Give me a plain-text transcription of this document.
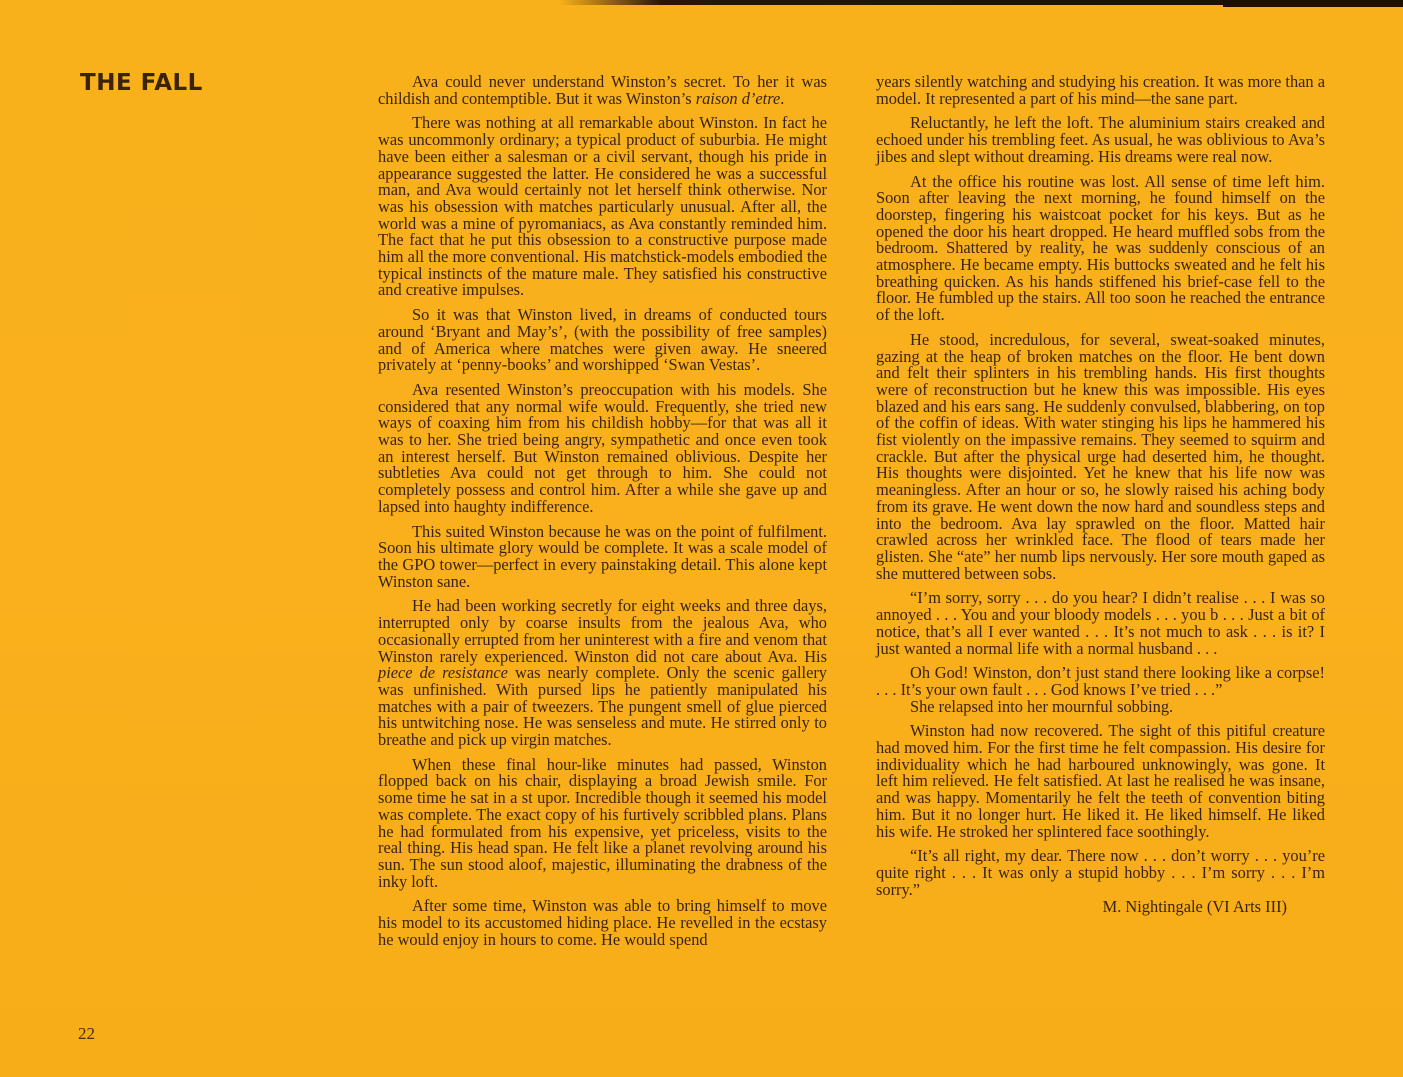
THE FALL	Ava could never understand Winston’s secret. To her it was childish and contemptible. But it was Winston’s raison d’etre.

There was nothing at all remarkable about Winston. In fact he was uncommonly ordinary; a typical product of suburbia. He might have been either a salesman or a civil servant, though his pride in appearance suggested the latter. He considered he was a successful man, and Ava would certainly not let herself think otherwise. Nor was his obsession with matches particularly unusual. After all, the world was a mine of pyromaniacs, as Ava constantly reminded him. The fact that he put this obsession to a constructive purpose made him all the more conventional. His matchstick-models embodied the typical instincts of the mature male. They satisfied his constructive and creative impulses.

So it was that Winston lived, in dreams of conducted tours around ‘Bryant and May’s’, (with the possibility of free samples) and of America where matches were given away. He sneered privately at ‘penny-books’ and worshipped ‘Swan Vestas’.

Ava resented Winston’s preoccupation with his models. She considered that any normal wife would. Frequently, she tried new ways of coaxing him from his childish hobby—for that was all it was to her. She tried being angry, sympathetic and once even took an interest herself. But Winston remained oblivious. Despite her subtleties Ava could not get through to him. She could not completely possess and control him. After a while she gave up and lapsed into haughty indifference.

This suited Winston because he was on the point of fulfilment. Soon his ultimate glory would be complete. It was a scale model of the GPO tower—perfect in every painstaking detail. This alone kept Winston sane.

He had been working secretly for eight weeks and three days, interrupted only by coarse insults from the jealous Ava, who occasionally errupted from her uninterest with a fire and venom that Winston rarely experienced. Winston did not care about Ava. His piece de resistance was nearly complete. Only the scenic gallery was unfinished. With pursed lips he patiently manipulated his matches with a pair of tweezers. The pungent smell of glue pierced his untwitching nose. He was senseless and mute. He stirred only to breathe and pick up virgin matches.

When these final hour-like minutes had passed, Winston flopped back on his chair, displaying a broad Jewish smile. For some time he sat in a st upor. Incredible though it seemed his model was complete. The exact copy of his furtively scribbled plans. Plans he had formulated from his expensive, yet priceless, visits to the real thing. His head span. He felt like a planet revolving around his sun. The sun stood aloof, majestic, illuminating the drabness of the inky loft.

After some time, Winston was able to bring himself to move his model to its accustomed hiding place. He revelled in the ecstasy he would enjoy in hours to come. He would spend

years silently watching and studying his creation. It was more than a model. It represented a part of his mind—the sane part.

Reluctantly, he left the loft. The aluminium stairs creaked and echoed under his trembling feet. As usual, he was oblivious to Ava’s jibes and slept without dreaming. His dreams were real now.

At the office his routine was lost. All sense of time left him. Soon after leaving the next morning, he found himself on the doorstep, fingering his waistcoat pocket for his keys. But as he opened the door his heart dropped. He heard muffled sobs from the bedroom. Shattered by reality, he was suddenly conscious of an atmosphere. He became empty. His buttocks sweated and he felt his breathing quicken. As his hands stiffened his brief-case fell to the floor. He fumbled up the stairs. All too soon he reached the entrance of the loft.

He stood, incredulous, for several, sweat-soaked minutes, gazing at the heap of broken matches on the floor. He bent down and felt their splinters in his trembling hands. His first thoughts were of reconstruction but he knew this was impossible. His eyes blazed and his ears sang. He suddenly convulsed, blabbering, on top of the coffin of ideas. With water stinging his lips he hammered his fist violently on the impassive remains. They seemed to squirm and crackle. But after the physical urge had deserted him, he thought. His thoughts were disjointed. Yet he knew that his life now was meaningless. After an hour or so, he slowly raised his aching body from its grave. He went down the now hard and soundless steps and into the bedroom. Ava lay sprawled on the floor. Matted hair crawled across her wrinkled face. The flood of tears made her glisten. She “ate” her numb lips nervously. Her sore mouth gaped as she muttered between sobs.

“I’m sorry, sorry . . . do you hear? I didn’t realise . . . I was so annoyed . . . You and your bloody models . . . you b . . . Just a bit of notice, that’s all I ever wanted . . . It’s not much to ask . . . is it? I just wanted a normal life with a normal husband . . .

Oh God! Winston, don’t just stand there looking like a corpse! . . . It’s your own fault . . . God knows I’ve tried . . .”

She relapsed into her mournful sobbing.

Winston had now recovered. The sight of this pitiful creature had moved him. For the first time he felt compassion. His desire for individuality which he had harboured unknowingly, was gone. It left him relieved. He felt satisfied. At last he realised he was insane, and was happy. Momentarily he felt the teeth of convention biting him. But it no longer hurt. He liked it. He liked himself. He liked his wife. He stroked her splintered face soothingly.

“It’s all right, my dear. There now . . . don’t worry . . . you’re quite right . . . It was only a stupid hobby . . . I’m sorry . . . I’m sorry.”

M. Nightingale (VI Arts III)
22
